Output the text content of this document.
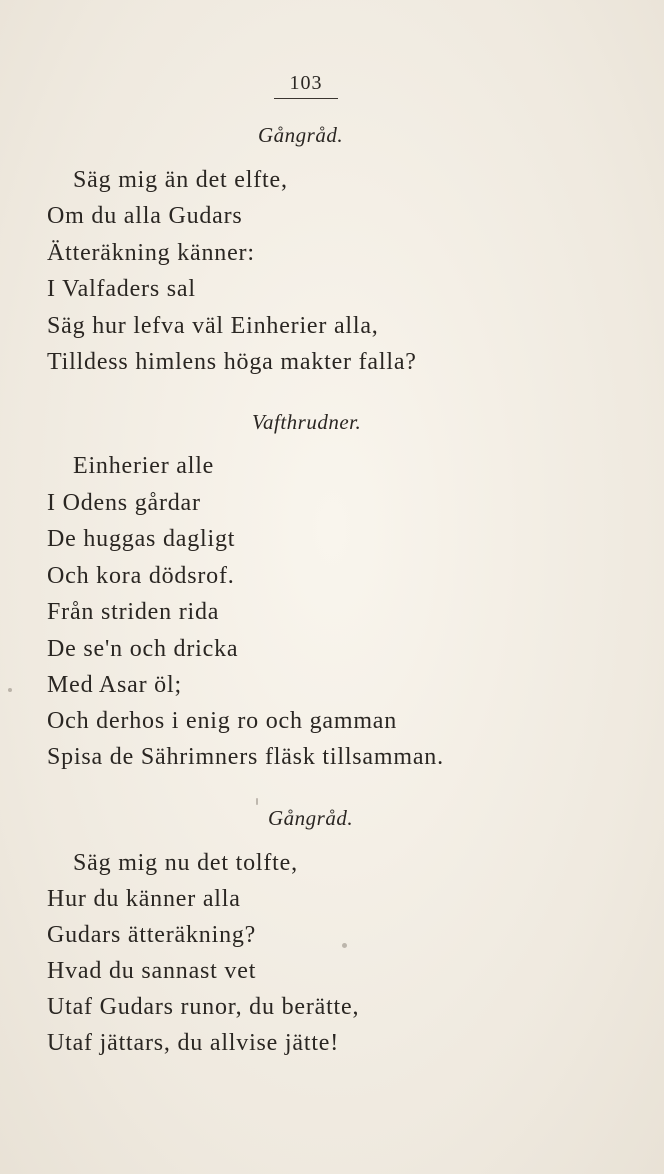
103
Gångråd.
Säg mig än det elfte,
Om du alla Gudars
Ätteräkning känner:
I Valfaders sal
Säg hur lefva väl Einherier alla,
Tilldess himlens höga makter falla?
Vafthrudner.
Einherier alle
I Odens gårdar
De huggas dagligt
Och kora dödsrof.
Från striden rida
De se'n och dricka
Med Asar öl;
Och derhos i enig ro och gamman
Spisa de Sährimners fläsk tillsamman.
Gångråd.
Säg mig nu det tolfte,
Hur du känner alla
Gudars ätteräkning?
Hvad du sannast vet
Utaf Gudars runor, du berätte,
Utaf jättars, du allvise jätte!
